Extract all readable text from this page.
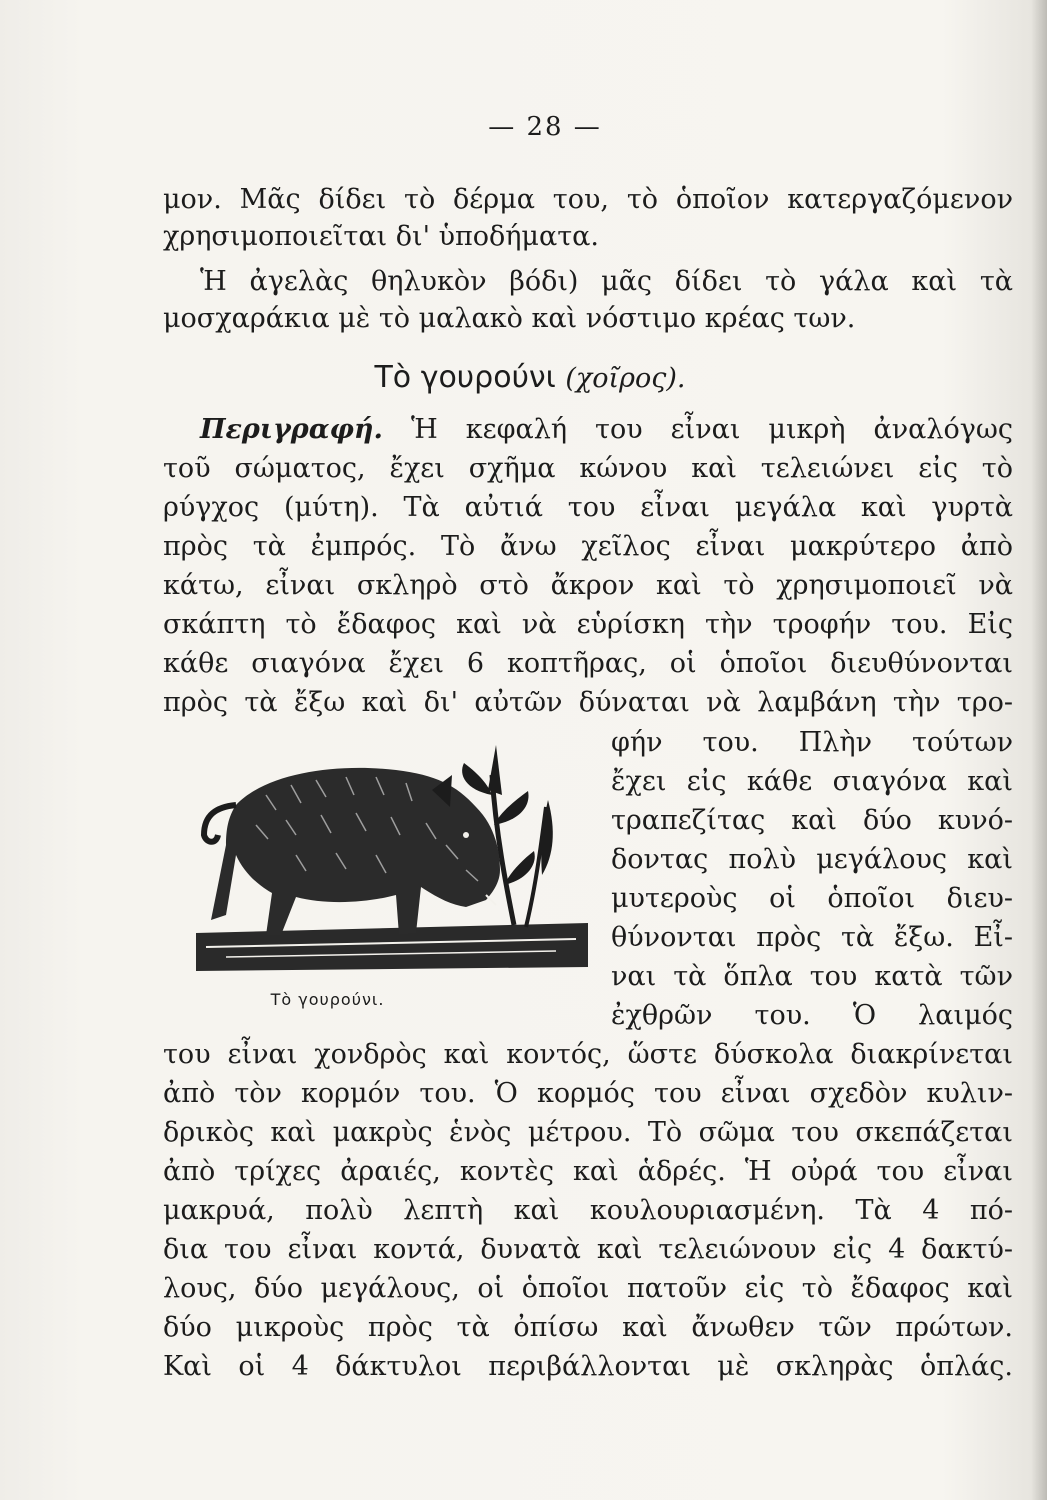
— 28 —
μον. Μᾶς δίδει τὸ δέρμα του, τὸ ὁποῖον κατεργαζόμενον
χρησιμοποιεῖται δι' ὑποδήματα.
Ἡ ἀγελὰς θηλυκὸν βόδι) μᾶς δίδει τὸ γάλα καὶ τὰ
μοσχαράκια μὲ τὸ μαλακὸ καὶ νόστιμο κρέας των.
Τὸ γουρούνι (χοῖρος).
Περιγραφή. Ἡ κεφαλή του εἶναι μικρὴ ἀναλόγως
τοῦ σώματος, ἔχει σχῆμα κώνου καὶ τελειώνει εἰς τὸ
ρύγχος (μύτη). Τὰ αὐτιά του εἶναι μεγάλα καὶ γυρτὰ
πρὸς τὰ ἐμπρός. Τὸ ἄνω χεῖλος εἶναι μακρύτερο ἀπὸ
κάτω, εἶναι σκληρὸ στὸ ἄκρον καὶ τὸ χρησιμοποιεῖ νὰ
σκάπτη τὸ ἔδαφος καὶ νὰ εὑρίσκη τὴν τροφήν του. Εἰς
κάθε σιαγόνα ἔχει 6 κοπτῆρας, οἱ ὁποῖοι διευθύνονται
πρὸς τὰ ἔξω καὶ δι' αὐτῶν δύναται νὰ λαμβάνη τὴν τρο-
φήν του. Πλὴν τούτων
ἔχει εἰς κάθε σιαγόνα καὶ
τραπεζίτας καὶ δύο κυνό-
δοντας πολὺ μεγάλους καὶ
μυτεροὺς οἱ ὁποῖοι διευ-
θύνονται πρὸς τὰ ἔξω. Εἶ-
ναι τὰ ὅπλα του κατὰ τῶν
ἐχθρῶν του. Ὁ λαιμός
Τὸ γουρούνι.
του εἶναι χονδρὸς καὶ κοντός, ὥστε δύσκολα διακρίνεται
ἀπὸ τὸν κορμόν του. Ὁ κορμός του εἶναι σχεδὸν κυλιν-
δρικὸς καὶ μακρὺς ἑνὸς μέτρου. Τὸ σῶμα του σκεπάζεται
ἀπὸ τρίχες ἀραιές, κοντὲς καὶ ἁδρές. Ἡ οὐρά του εἶναι
μακρυά, πολὺ λεπτὴ καὶ κουλουριασμένη. Τὰ 4 πό-
δια του εἶναι κοντά, δυνατὰ καὶ τελειώνουν εἰς 4 δακτύ-
λους, δύο μεγάλους, οἱ ὁποῖοι πατοῦν εἰς τὸ ἔδαφος καὶ
δύο μικροὺς πρὸς τὰ ὀπίσω καὶ ἄνωθεν τῶν πρώτων.
Καὶ οἱ 4 δάκτυλοι περιβάλλονται μὲ σκληρὰς ὁπλάς.
